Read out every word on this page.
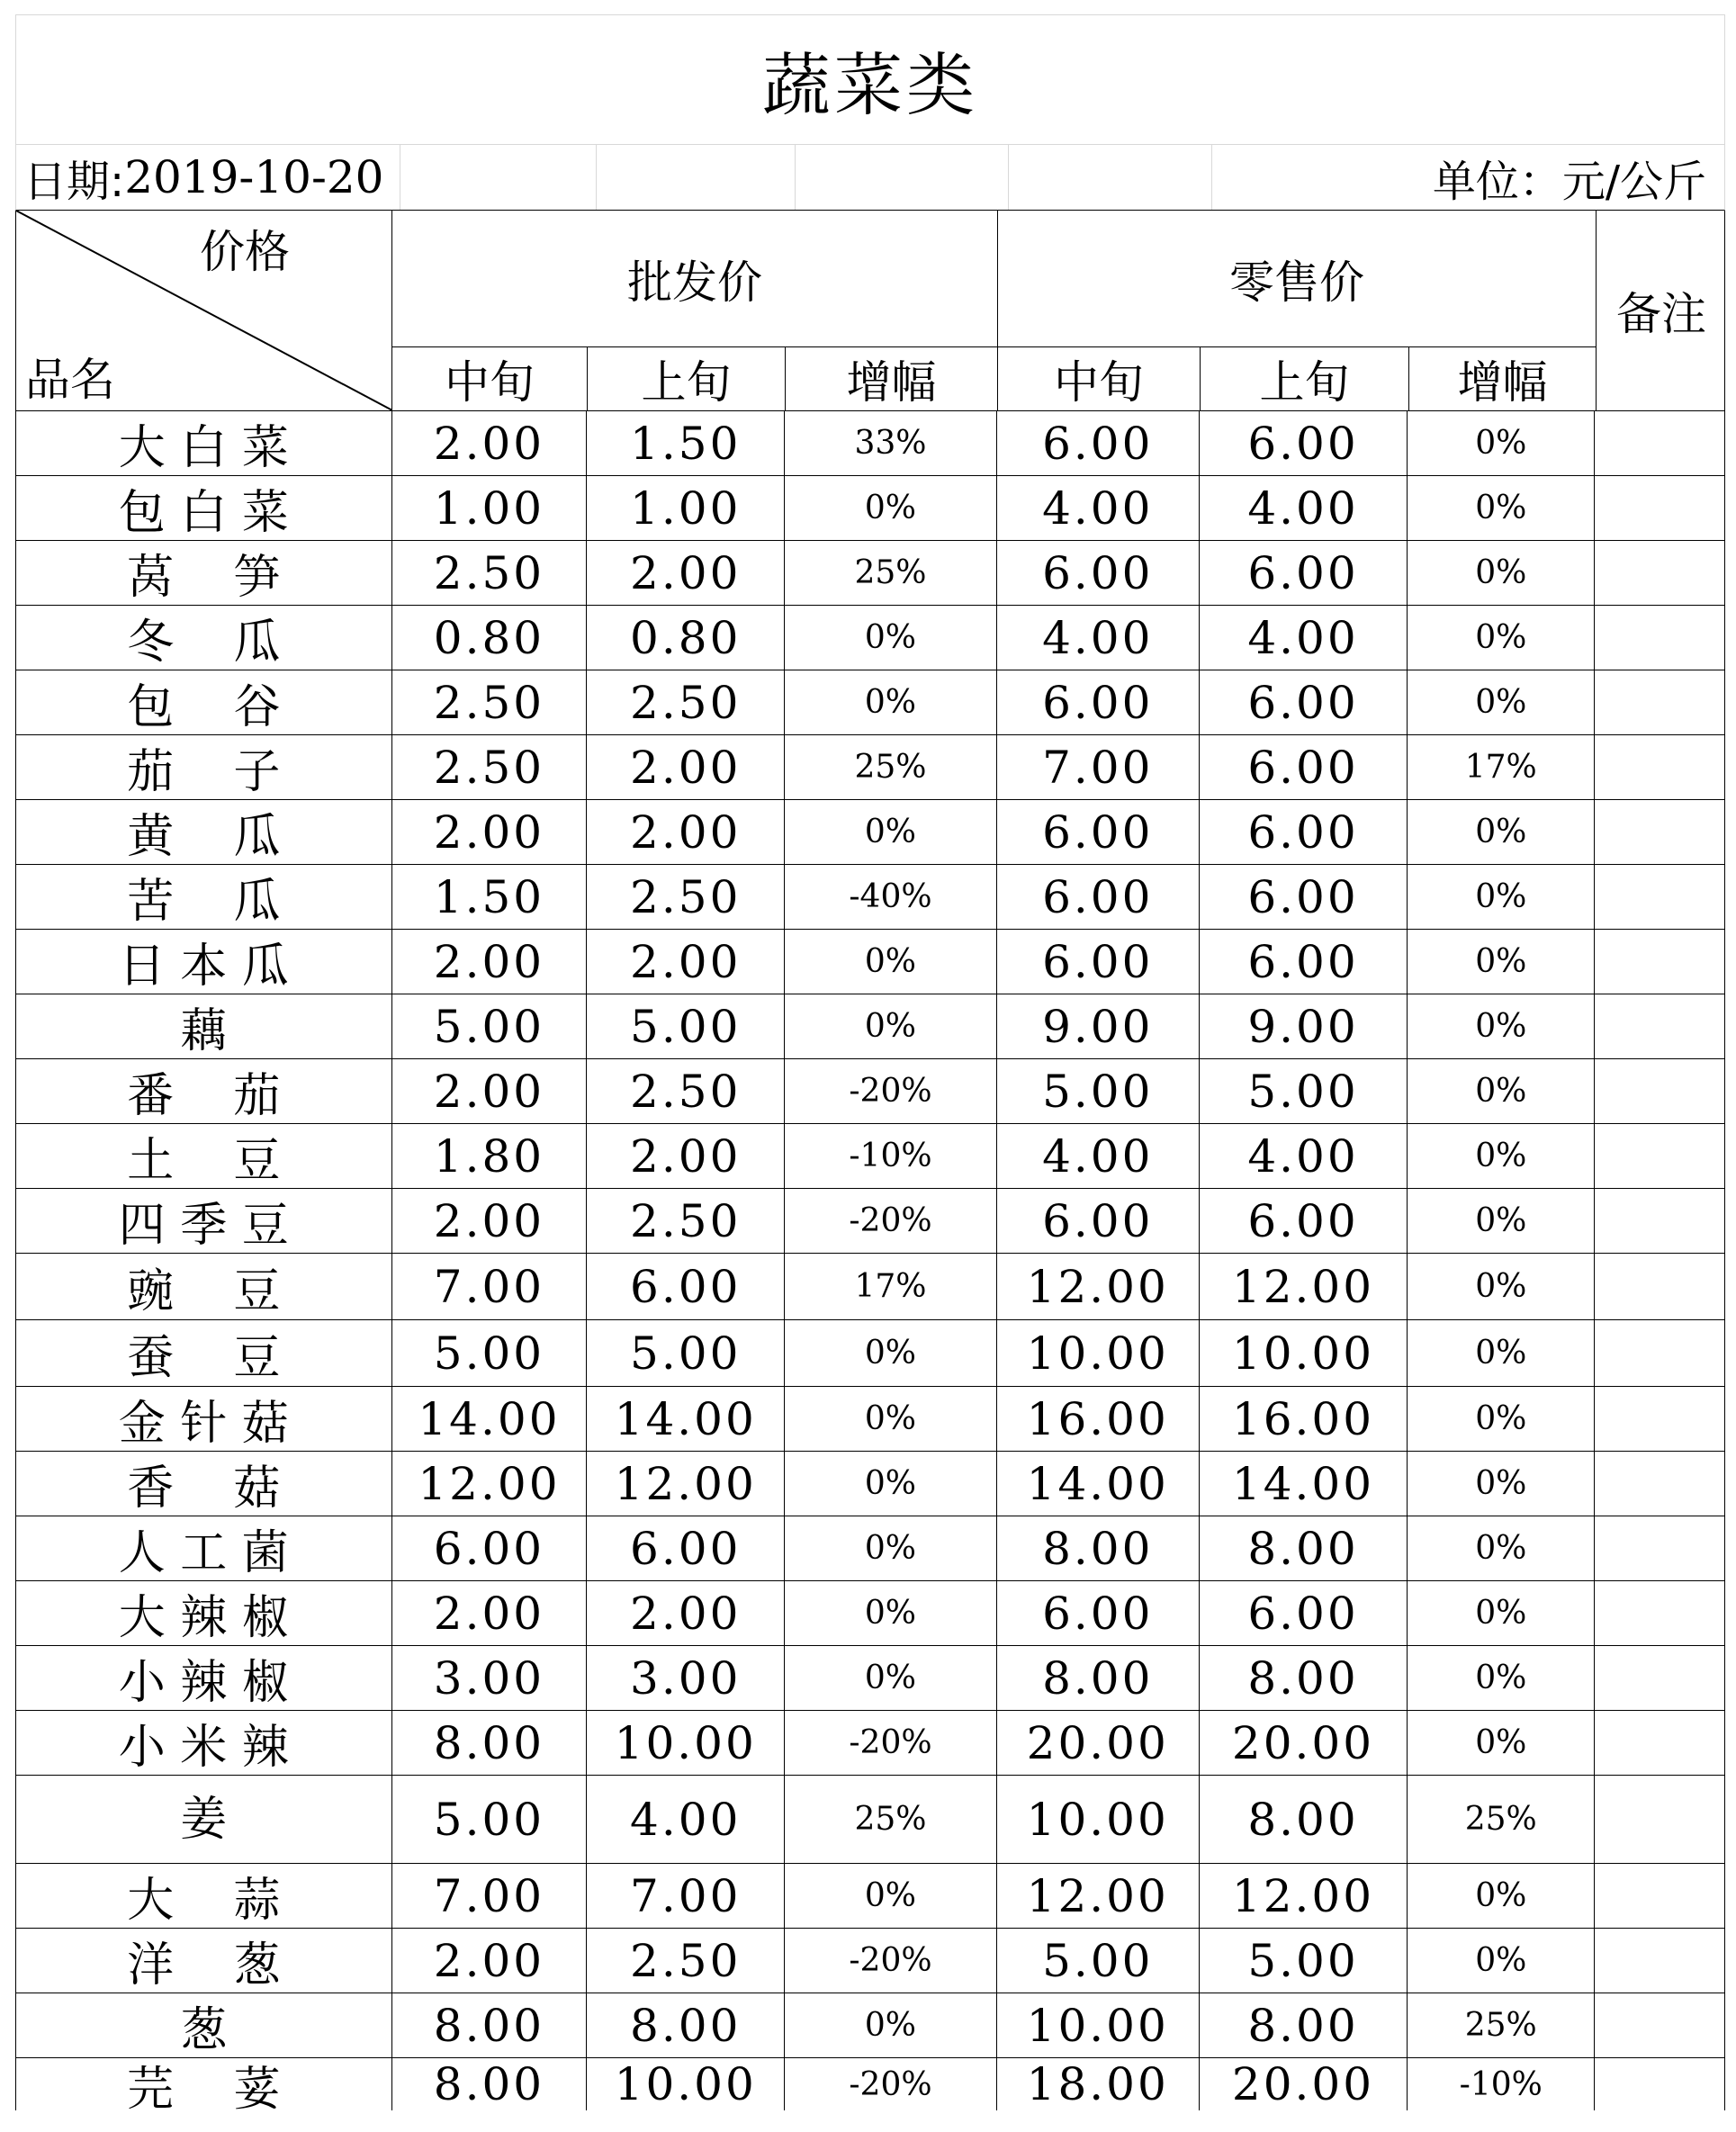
蔬菜类
日期: 2019-10-20	单位：元/公斤
价格
品名
批发价	零售价
备注
中旬	上旬	增幅	中旬	上旬	增幅
大 白 菜	2.00 1.50	33%	6.00 6.00	0%
包 白 菜	1.00 1.00	0%	4.00 4.00	0%
莴    笋	2.50 2.00	25%	6.00 6.00	0%
冬    瓜	0.80 0.80	0%	4.00 4.00	0%
包    谷	2.50 2.50	0%	6.00 6.00	0%
茄    子	2.50 2.00	25%	7.00 6.00	17%
黄    瓜	2.00 2.00	0%	6.00 6.00	0%
苦    瓜	1.50 2.50	-40% 6.00 6.00	0%
日 本 瓜	2.00 2.00	0%	6.00 6.00	0%
藕	5.00 5.00	0%	9.00 9.00	0%
番    茄	2.00 2.50	-20% 5.00 5.00	0%
土    豆	1.80 2.00	-10% 4.00 4.00	0%
四 季 豆	2.00 2.50	-20% 6.00 6.00	0%
豌    豆	7.00 6.00	17% 12.00 12.00	0%
蚕    豆	5.00 5.00	0% 10.00 10.00	0%
金 针 菇	14.00 14.00	0% 16.00 16.00	0%
香    菇	12.00 12.00	0% 14.00 14.00	0%
人 工 菌	6.00 6.00	0%	8.00 8.00	0%
大 辣 椒	2.00 2.00	0%	6.00 6.00	0%
小 辣 椒	3.00 3.00	0%	8.00 8.00	0%
小 米 辣	8.00 10.00	-20% 20.00 20.00	0%
姜	5.00 4.00	25% 10.00 8.00	25%
大    蒜	7.00 7.00	0% 12.00 12.00	0%
洋    葱	2.00 2.50	-20% 5.00 5.00	0%
葱	8.00 8.00	0% 10.00 8.00	25%
芫    荽	8.00 10.00	-20% 18.00 20.00	-10%
